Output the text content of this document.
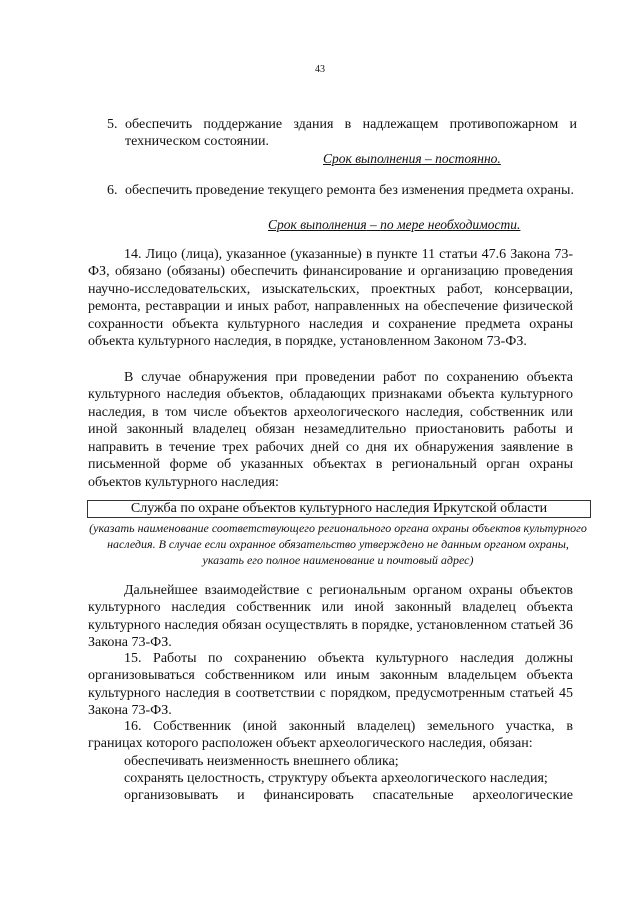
43
5. обеспечить поддержание здания в надлежащем противопожарном и техническом состоянии.
Срок выполнения – постоянно.
6. обеспечить проведение текущего ремонта без изменения предмета охраны.
Срок выполнения – по мере необходимости.

14. Лицо (лица), указанное (указанные) в пункте 11 статьи 47.6 Закона 73-ФЗ, обязано (обязаны) обеспечить финансирование и организацию проведения научно-исследовательских, изыскательских, проектных работ, консервации, ремонта, реставрации и иных работ, направленных на обеспечение физической сохранности объекта культурного наследия и сохранение предмета охраны объекта культурного наследия, в порядке, установленном Законом 73-ФЗ.

В случае обнаружения при проведении работ по сохранению объекта культурного наследия объектов, обладающих признаками объекта культурного наследия, в том числе объектов археологического наследия, собственник или иной законный владелец обязан незамедлительно приостановить работы и направить в течение трех рабочих дней со дня их обнаружения заявление в письменной форме об указанных объектах в региональный орган охраны объектов культурного наследия:

Служба по охране объектов культурного наследия Иркутской области
(указать наименование соответствующего регионального органа охраны объектов культурного наследия. В случае если охранное обязательство утверждено не данным органом охраны, указать его полное наименование и почтовый адрес)

Дальнейшее взаимодействие с региональным органом охраны объектов культурного наследия собственник или иной законный владелец объекта культурного наследия обязан осуществлять в порядке, установленном статьей 36 Закона 73-ФЗ.

15. Работы по сохранению объекта культурного наследия должны организовываться собственником или иным законным владельцем объекта культурного наследия в соответствии с порядком, предусмотренным статьей 45 Закона 73-ФЗ.

16. Собственник (иной законный владелец) земельного участка, в границах которого расположен объект археологического наследия, обязан:

обеспечивать неизменность внешнего облика;
сохранять целостность, структуру объекта археологического наследия;
организовывать и финансировать спасательные археологические
